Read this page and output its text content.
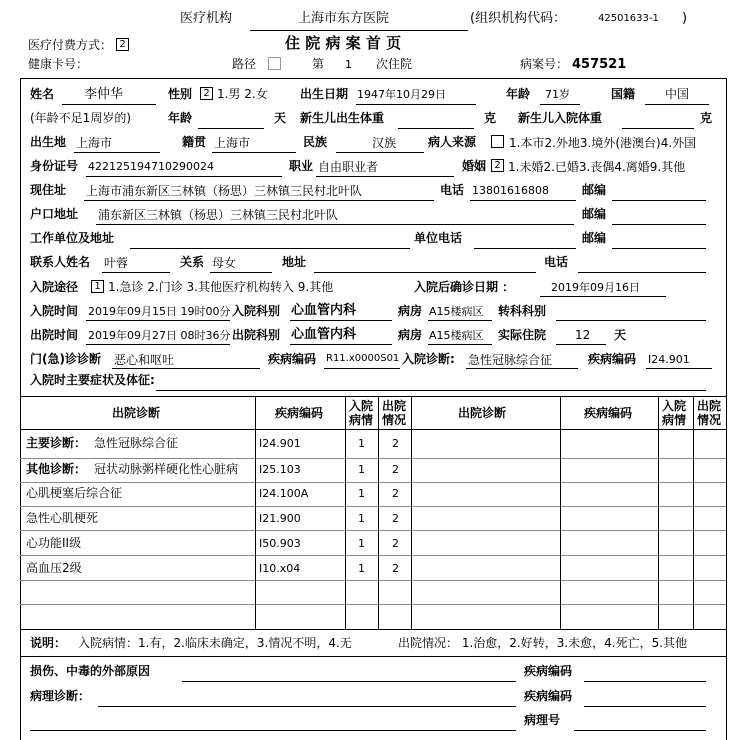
医疗机构	上海市东方医院	(组织机构代码：	42501633-1 )
医疗付费方式： 2	住 院 病 案 首 页
健康卡号：	路径	第 1 次住院	病案号： 457521
姓名 李仲华	性别	2 1.男 2.女	出生日期 1947年10月29日	年龄 71岁	国籍 中国
(年龄不足1周岁的)	年龄	天 新生儿出生体重	克 新生儿入院体重	克
出生地 上海市	籍贯 上海市	民族	汉族	病人来源	1.本市2.外地3.境外(港澳台)4.外国
身份证号 422125194710290024	职业 自由职业者	婚姻 2 1.未婚2.已婚3.丧偶4.离婚9.其他
现住址 上海市浦东新区三林镇（杨思）三林镇三民村北叶队	电话 13801616808	邮编
户口地址 浦东新区三林镇（杨思）三林镇三民村北叶队	邮编
工作单位及地址	单位电话	邮编
联系人姓名 叶蓉	关系 母女	地址	电话
入院途径	1 1.急诊 2.门诊 3.其他医疗机构转入 9.其他	入院后确诊日期 ：	2019年09月16日
入院时间 2019年09月15日 19时00分 入院科别 心血管内科	病房 A15楼病区 转科科别
出院时间 2019年09月27日 08时36分 出院科别 心血管内科	病房 A15楼病区 实际住院 12 天
门(急)诊诊断 恶心和呕吐	疾病编码 R11.x0000S01 入院诊断: 急性冠脉综合征	疾病编码 I24.901
入院时主要症状及体征:
出院诊断	疾病编码 入院
病情
出院
情况	出院诊断	疾病编码 入院
病情
出院
情况
主要诊断： 急性冠脉综合征	I24.901	1 2
其他诊断： 冠状动脉粥样硬化性心脏病 I25.103	1 2
心肌梗塞后综合征	I24.100A	1 2
急性心肌梗死	I21.900	1 2
心功能II级	I50.903	1 2
高血压2级	I10.x04	1 2
说明： 入院病情：1.有，2.临床未确定，3.情况不明，4.无	出院情况： 1.治愈，2.好转，3.未愈，4.死亡，5.其他
损伤、中毒的外部原因	疾病编码
病理诊断：	疾病编码
病理号
